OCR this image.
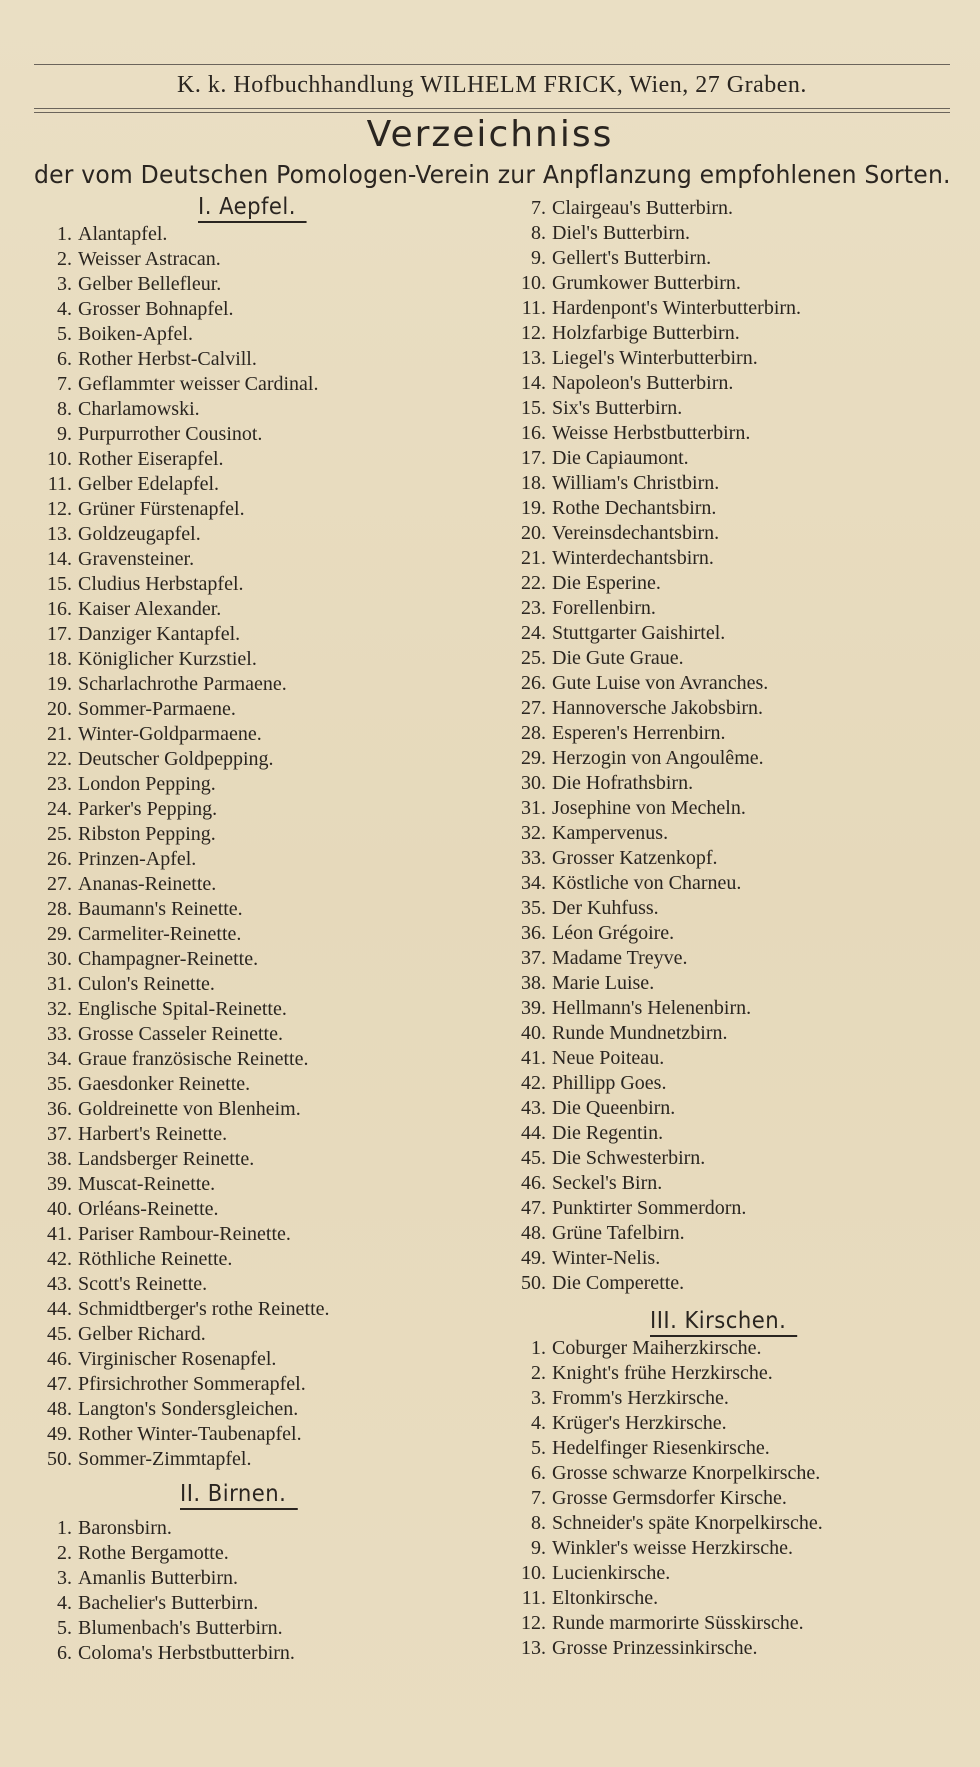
K. k. Hofbuchhandlung WILHELM FRICK, Wien, 27 Graben.
Verzeichniss
der vom Deutschen Pomologen-Verein zur Anpflanzung empfohlenen Sorten.
I. Aepfel.
1. Alantapfel.
2. Weisser Astracan.
3. Gelber Bellefleur.
4. Grosser Bohnapfel.
5. Boiken-Apfel.
6. Rother Herbst-Calvill.
7. Geflammter weisser Cardinal.
8. Charlamowski.
9. Purpurrother Cousinot.
10. Rother Eiserapfel.
11. Gelber Edelapfel.
12. Grüner Fürstenapfel.
13. Goldzeugapfel.
14. Gravensteiner.
15. Cludius Herbstapfel.
16. Kaiser Alexander.
17. Danziger Kantapfel.
18. Königlicher Kurzstiel.
19. Scharlachrothe Parmaene.
20. Sommer-Parmaene.
21. Winter-Goldparmaene.
22. Deutscher Goldpepping.
23. London Pepping.
24. Parker's Pepping.
25. Ribston Pepping.
26. Prinzen-Apfel.
27. Ananas-Reinette.
28. Baumann's Reinette.
29. Carmeliter-Reinette.
30. Champagner-Reinette.
31. Culon's Reinette.
32. Englische Spital-Reinette.
33. Grosse Casseler Reinette.
34. Graue französische Reinette.
35. Gaesdonker Reinette.
36. Goldreinette von Blenheim.
37. Harbert's Reinette.
38. Landsberger Reinette.
39. Muscat-Reinette.
40. Orléans-Reinette.
41. Pariser Rambour-Reinette.
42. Röthliche Reinette.
43. Scott's Reinette.
44. Schmidtberger's rothe Reinette.
45. Gelber Richard.
46. Virginischer Rosenapfel.
47. Pfirsichrother Sommerapfel.
48. Langton's Sondersgleichen.
49. Rother Winter-Taubenapfel.
50. Sommer-Zimmtapfel.
II. Birnen.
1. Baronsbirn.
2. Rothe Bergamotte.
3. Amanlis Butterbirn.
4. Bachelier's Butterbirn.
5. Blumenbach's Butterbirn.
6. Coloma's Herbstbutterbirn.
7. Clairgeau's Butterbirn.
8. Diel's Butterbirn.
9. Gellert's Butterbirn.
10. Grumkower Butterbirn.
11. Hardenpont's Winterbutterbirn.
12. Holzfarbige Butterbirn.
13. Liegel's Winterbutterbirn.
14. Napoleon's Butterbirn.
15. Six's Butterbirn.
16. Weisse Herbstbutterbirn.
17. Die Capiaumont.
18. William's Christbirn.
19. Rothe Dechantsbirn.
20. Vereinsdechantsbirn.
21. Winterdechantsbirn.
22. Die Esperine.
23. Forellenbirn.
24. Stuttgarter Gaishirtel.
25. Die Gute Graue.
26. Gute Luise von Avranches.
27. Hannoversche Jakobsbirn.
28. Esperen's Herrenbirn.
29. Herzogin von Angoulême.
30. Die Hofrathsbirn.
31. Josephine von Mecheln.
32. Kampervenus.
33. Grosser Katzenkopf.
34. Köstliche von Charneu.
35. Der Kuhfuss.
36. Léon Grégoire.
37. Madame Treyve.
38. Marie Luise.
39. Hellmann's Helenenbirn.
40. Runde Mundnetzbirn.
41. Neue Poiteau.
42. Phillipp Goes.
43. Die Queenbirn.
44. Die Regentin.
45. Die Schwesterbirn.
46. Seckel's Birn.
47. Punktirter Sommerdorn.
48. Grüne Tafelbirn.
49. Winter-Nelis.
50. Die Comperette.
III. Kirschen.
1. Coburger Maiherzkirsche.
2. Knight's frühe Herzkirsche.
3. Fromm's Herzkirsche.
4. Krüger's Herzkirsche.
5. Hedelfinger Riesenkirsche.
6. Grosse schwarze Knorpelkirsche.
7. Grosse Germsdorfer Kirsche.
8. Schneider's späte Knorpelkirsche.
9. Winkler's weisse Herzkirsche.
10. Lucienkirsche.
11. Eltonkirsche.
12. Runde marmorirte Süsskirsche.
13. Grosse Prinzessinkirsche.
